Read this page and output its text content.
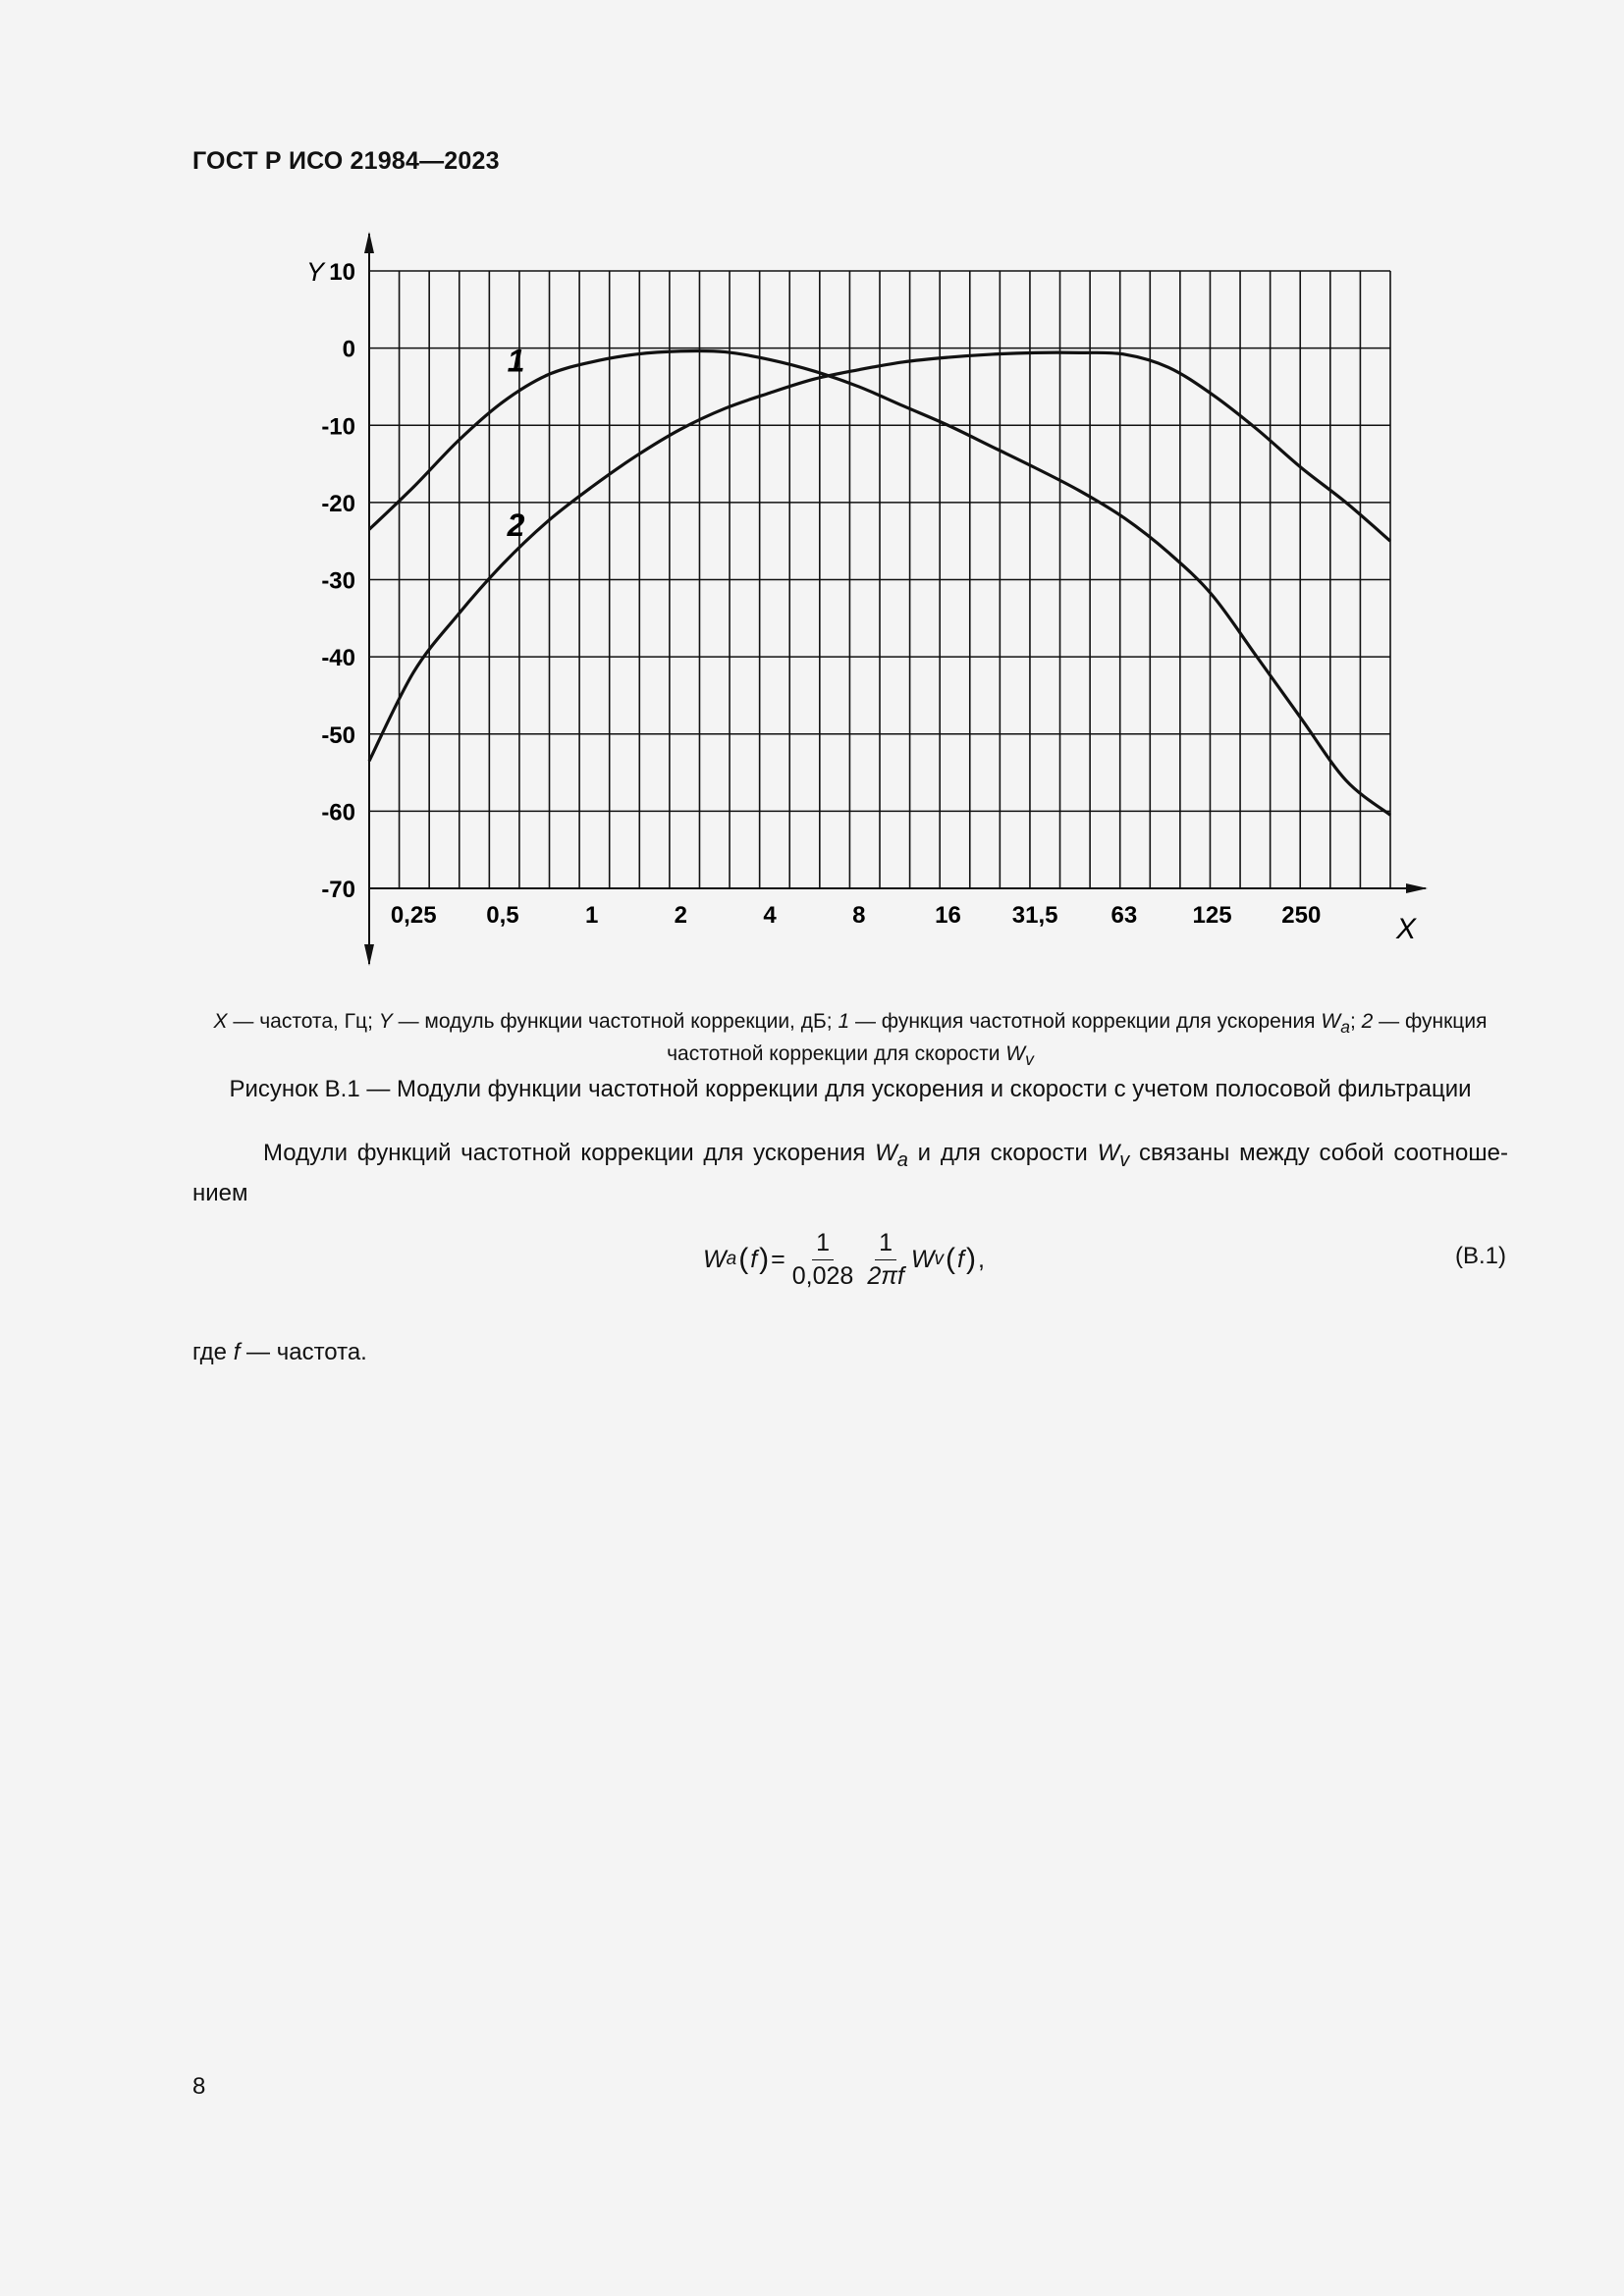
ГОСТ Р ИСО 21984—2023
0,25 0,5	1	2	4	8	16 31,5 63 125 250
10
0
-10
-20
-30
-40
-50
-60
-70
1
2
X
Y
X — частота, Гц; Y — модуль функции частотной коррекции, дБ; 1 — функция частотной коррекции для ускорения $W_a$; 2 — функция частотной коррекции для скорости $W_v$
Рисунок В.1 — Модули функции частотной коррекции для ускорения и скорости с учетом полосовой фильтрации
Модули функций частотной коррекции для ускорения $W_a$ и для скорости $W_v$ связаны между собой соотноше-нием
W a ( f ) = $\frac{1}{0,028} \frac{1}{2\pi f}$ W v ( f ) ,	(В.1)
где f — частота.
8
